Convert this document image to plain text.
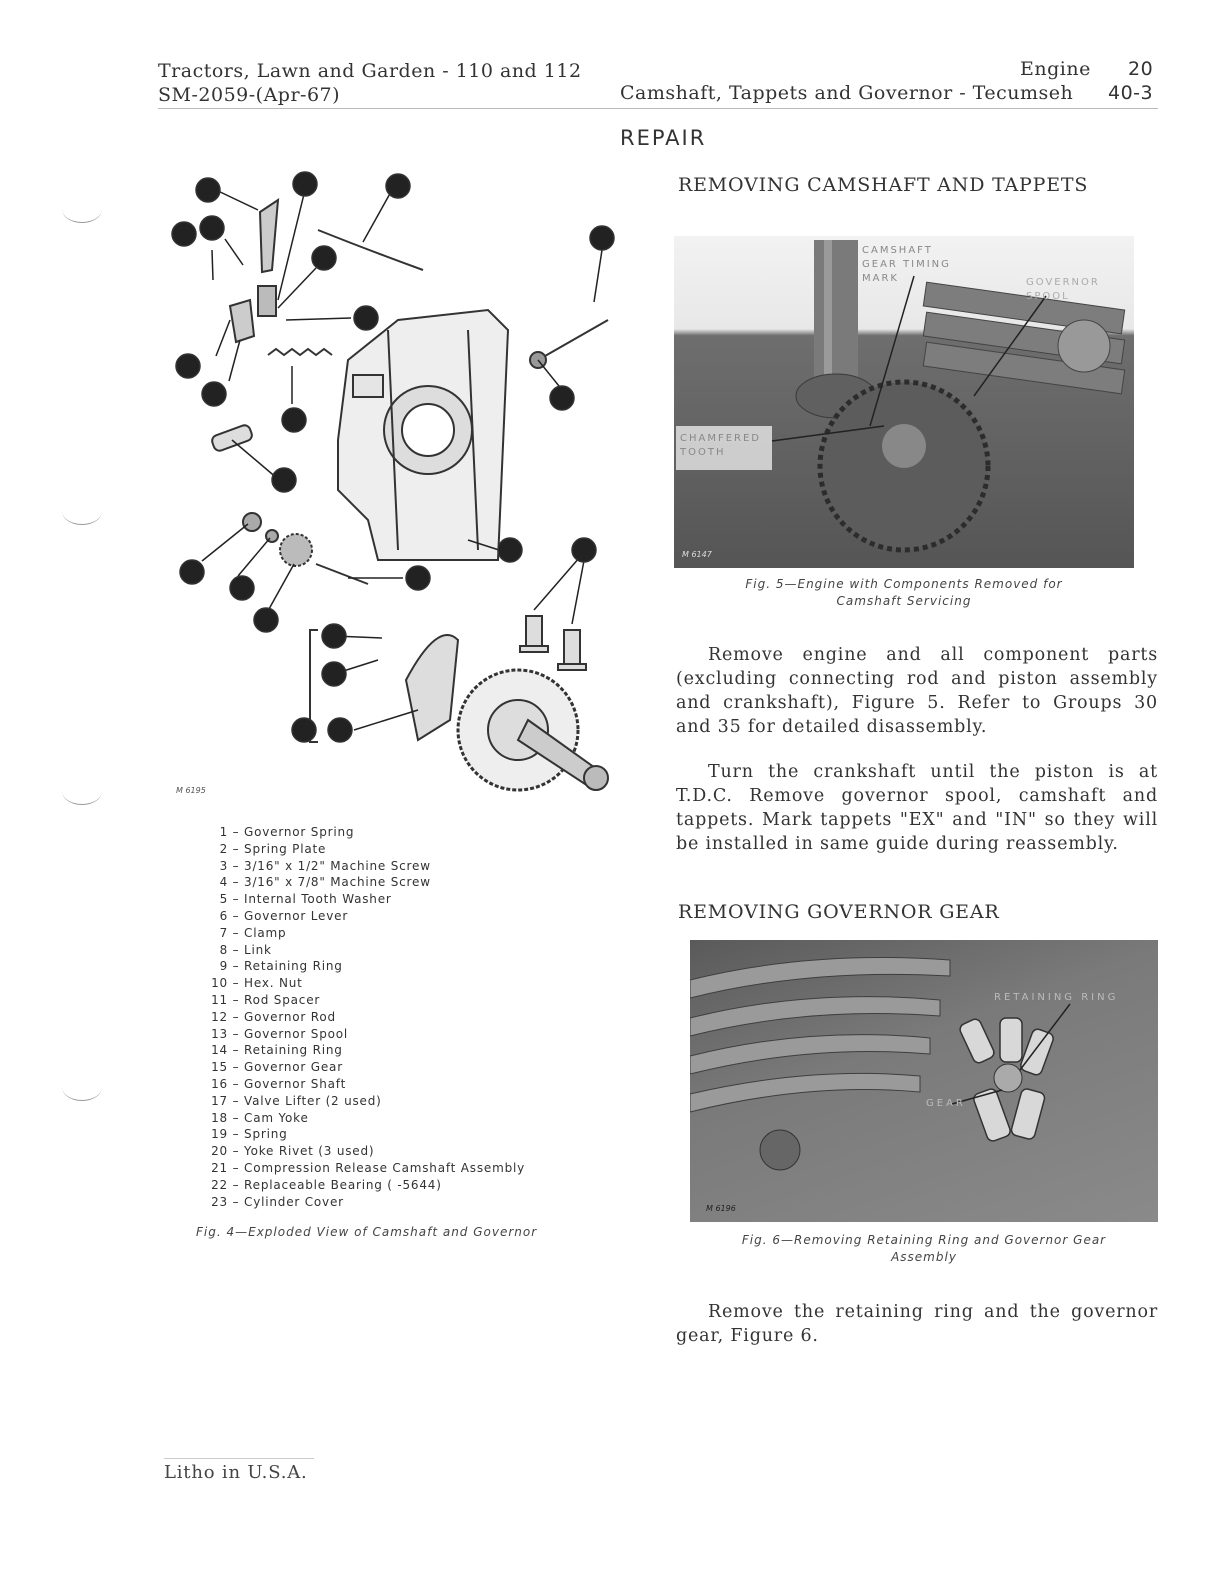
Tractors, Lawn and Garden - 110 and 112
SM-2059-(Apr-67)
Engine 20
Camshaft, Tappets and Governor - Tecumseh 40-3
REPAIR
6	7	8
4 5
9
10
12
11
3
2
1
22
23	17
13
14
15
16
20
19
21 18
M 6195
1 – Governor Spring
2 – Spring Plate
3 – 3/16" x 1/2" Machine Screw
4 – 3/16" x 7/8" Machine Screw
5 – Internal Tooth Washer
6 – Governor Lever
7 – Clamp
8 – Link
9 – Retaining Ring
10 – Hex. Nut
11 – Rod Spacer
12 – Governor Rod
13 – Governor Spool
14 – Retaining Ring
15 – Governor Gear
16 – Governor Shaft
17 – Valve Lifter (2 used)
18 – Cam Yoke
19 – Spring
20 – Yoke Rivet (3 used)
21 – Compression Release Camshaft Assembly
22 – Replaceable Bearing ( -5644)
23 – Cylinder Cover
Fig. 4—Exploded View of Camshaft and Governor
REMOVING CAMSHAFT AND TAPPETS
CAMSHAFT GEAR TIMING MARK	GOVERNOR SPOOL
CHAMFERED TOOTH
M 6147
Fig. 5—Engine with Components Removed for
Camshaft Servicing
Remove engine and all component parts (excluding connecting rod and piston assembly and crankshaft), Figure 5. Refer to Groups 30 and 35 for detailed disassembly.
Turn the crankshaft until the piston is at T.D.C. Remove governor spool, camshaft and tappets. Mark tappets "EX" and "IN" so they will be installed in same guide during reassembly.
REMOVING GOVERNOR GEAR
RETAINING RING
GEAR
M 6196
Fig. 6—Removing Retaining Ring and Governor Gear
Assembly
Remove the retaining ring and the governor gear, Figure 6.
Litho in U.S.A.
